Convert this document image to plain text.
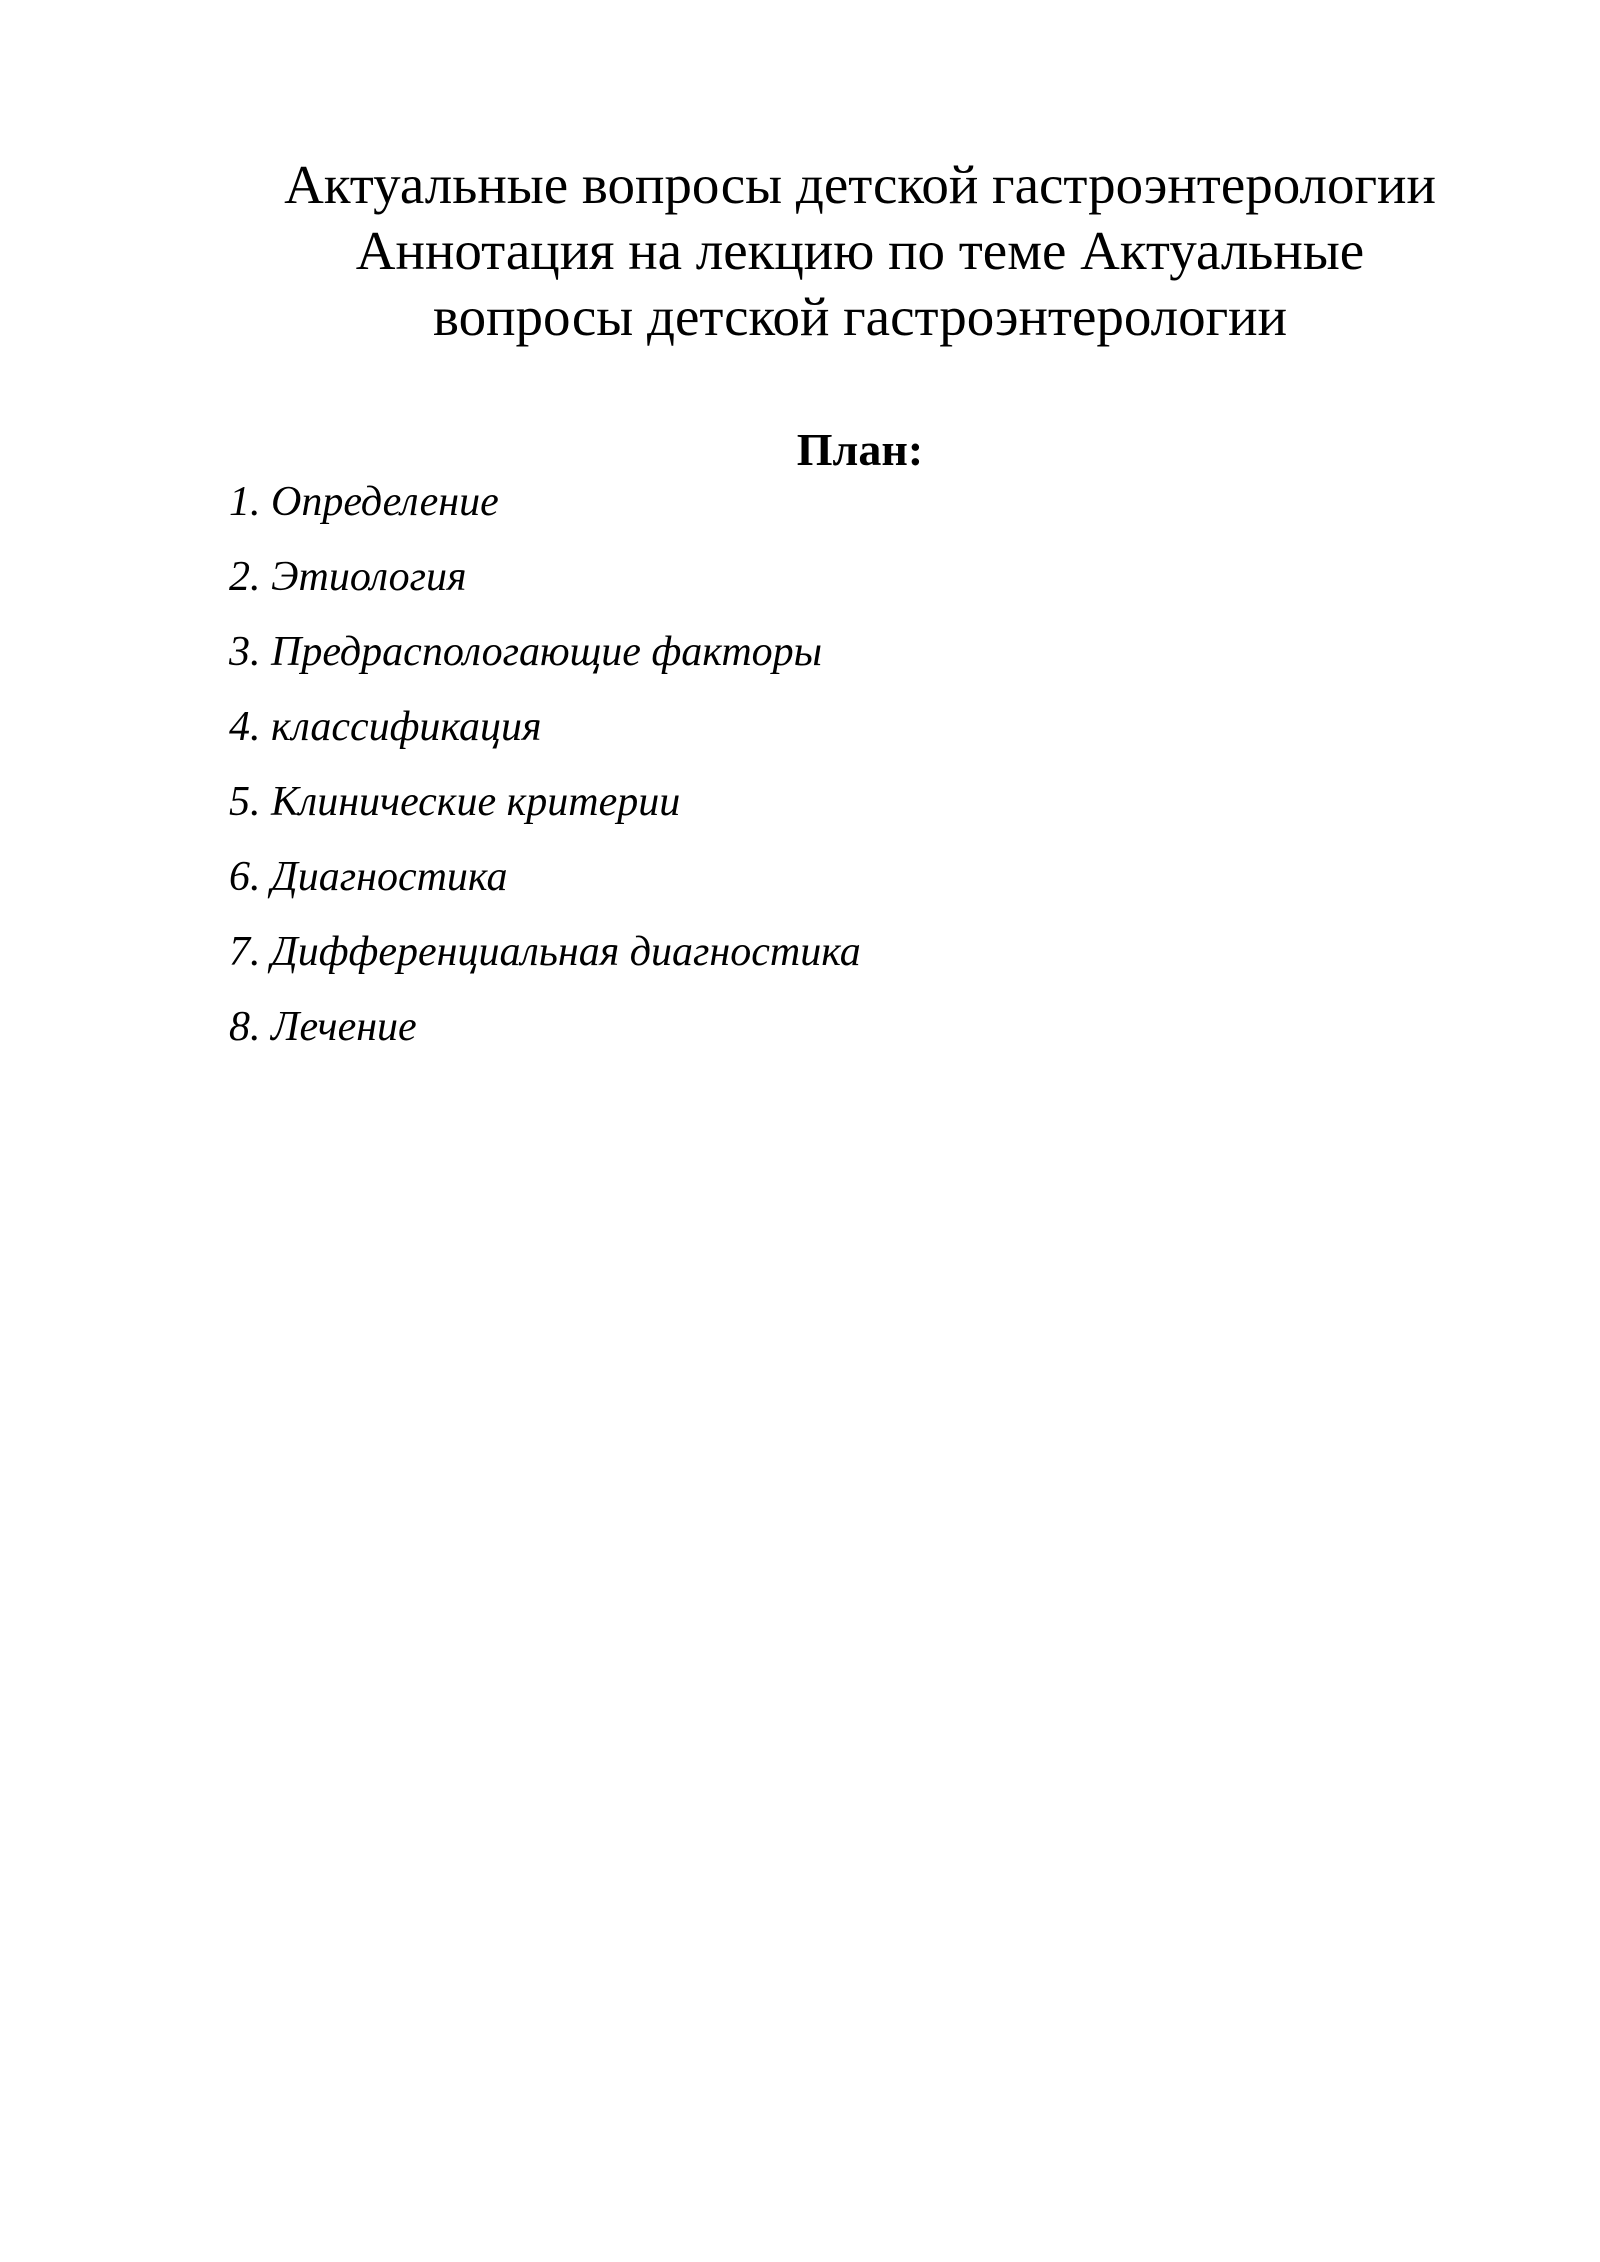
Актуальные вопросы детской гастроэнтерологии
Аннотация на лекцию по теме Актуальные
вопросы детской гастроэнтерологии
План:
1. Определение
2. Этиология
3. Предраспологающие факторы
4. классификация
5. Клинические критерии
6. Диагностика
7. Дифференциальная диагностика
8. Лечение
